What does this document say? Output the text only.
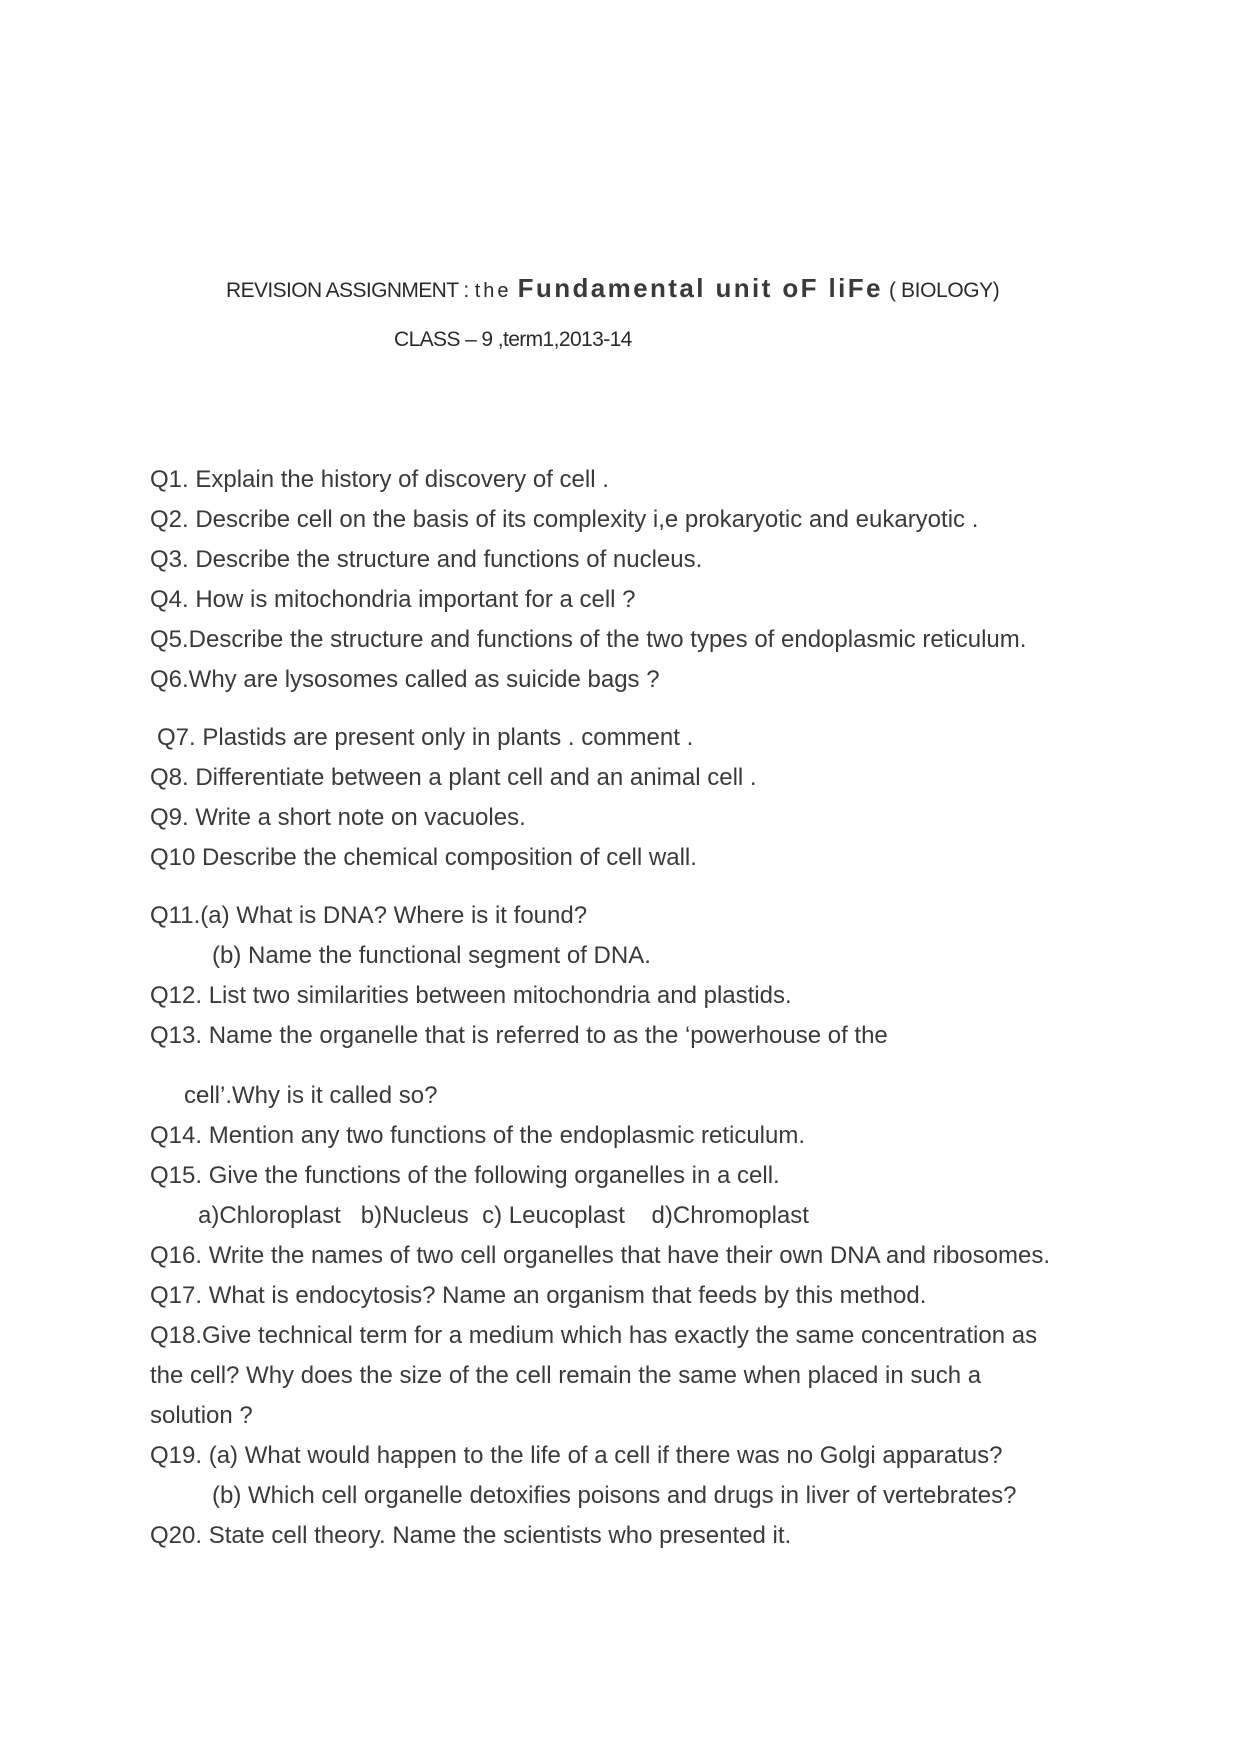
REVISION ASSIGNMENT : the Fundamental unit oF liFe ( BIOLOGY)
CLASS – 9 ,term1,2013-14
Q1. Explain the history of discovery of cell .
Q2. Describe cell on the basis of its complexity i,e prokaryotic and eukaryotic .
Q3. Describe the structure and functions of nucleus.
Q4. How is mitochondria important for a cell ?
Q5.Describe the structure and functions of the two types of endoplasmic reticulum.
Q6.Why are lysosomes called as suicide bags ?
Q7. Plastids are present only in plants . comment .
Q8. Differentiate between a plant cell and an animal cell .
Q9. Write a short note on vacuoles.
Q10 Describe the chemical composition of cell wall.
Q11.(a) What is DNA? Where is it found?
(b) Name the functional segment of DNA.
Q12. List two similarities between mitochondria and plastids.
Q13. Name the organelle that is referred to as the ‘powerhouse of the
cell’.Why is it called so?
Q14. Mention any two functions of the endoplasmic reticulum.
Q15. Give the functions of the following organelles in a cell.
a)Chloroplast   b)Nucleus  c) Leucoplast    d)Chromoplast
Q16. Write the names of two cell organelles that have their own DNA and ribosomes.
Q17. What is endocytosis? Name an organism that feeds by this method.
Q18.Give technical term for a medium which has exactly the same concentration as
the cell? Why does the size of the cell remain the same when placed in such a
solution ?
Q19. (a) What would happen to the life of a cell if there was no Golgi apparatus?
(b) Which cell organelle detoxifies poisons and drugs in liver of vertebrates?
Q20. State cell theory. Name the scientists who presented it.
